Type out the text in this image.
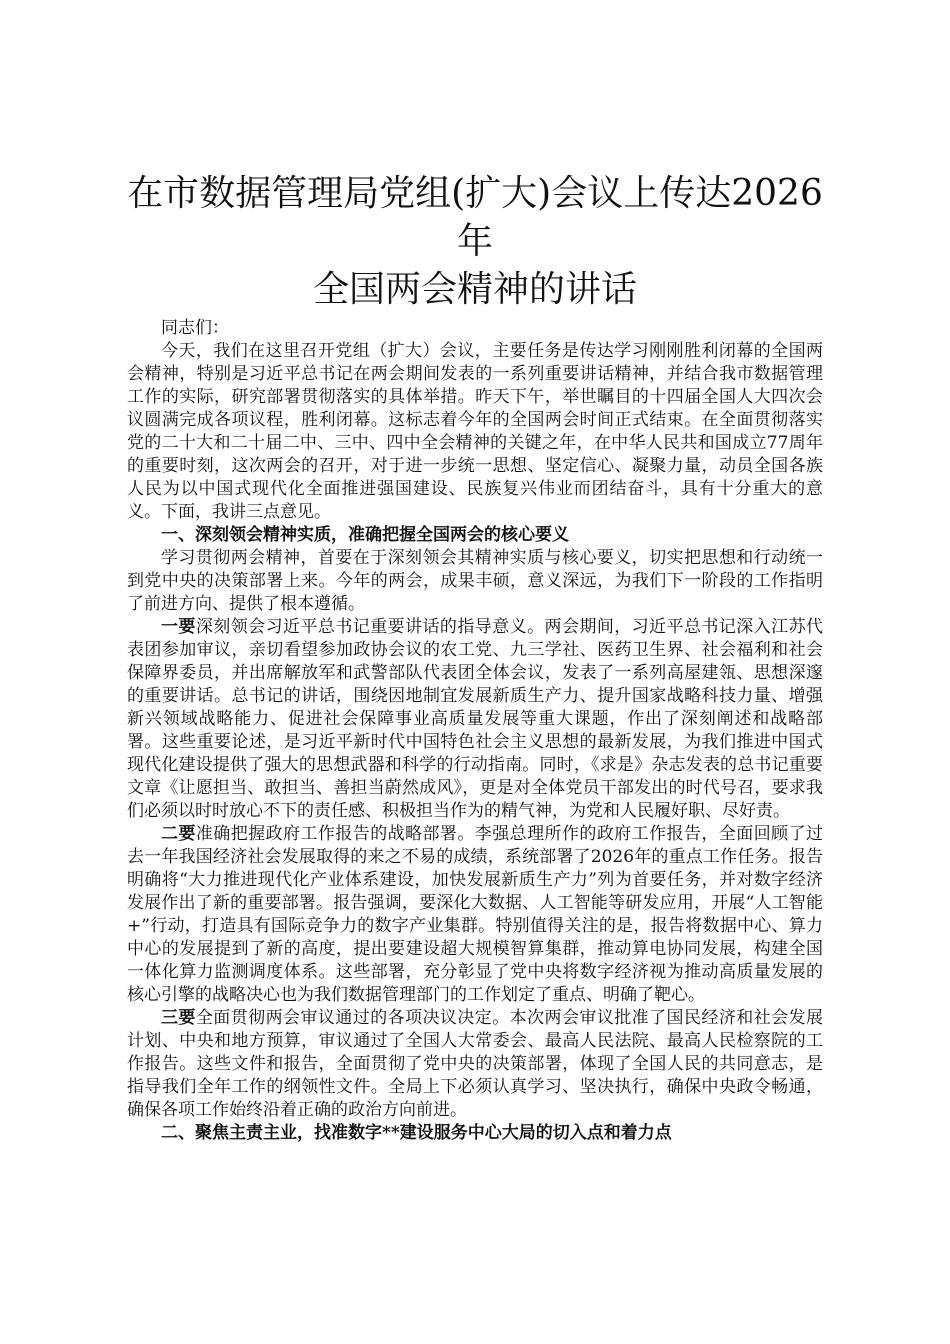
在市数据管理局党组(扩大)会议上传达2026年
全国两会精神的讲话

同志们：

今天，我们在这里召开党组（扩大）会议，主要任务是传达学习刚刚胜利闭幕的全国两会精神，特别是习近平总书记在两会期间发表的一系列重要讲话精神，并结合我市数据管理工作的实际，研究部署贯彻落实的具体举措。昨天下午，举世瞩目的十四届全国人大四次会议圆满完成各项议程，胜利闭幕。这标志着今年的全国两会时间正式结束。在全面贯彻落实党的二十大和二十届二中、三中、四中全会精神的关键之年，在中华人民共和国成立77周年的重要时刻，这次两会的召开，对于进一步统一思想、坚定信心、凝聚力量，动员全国各族人民为以中国式现代化全面推进强国建设、民族复兴伟业而团结奋斗，具有十分重大的意义。下面，我讲三点意见。

一、深刻领会精神实质，准确把握全国两会的核心要义

学习贯彻两会精神，首要在于深刻领会其精神实质与核心要义，切实把思想和行动统一到党中央的决策部署上来。今年的两会，成果丰硕，意义深远，为我们下一阶段的工作指明了前进方向、提供了根本遵循。

一要深刻领会习近平总书记重要讲话的指导意义。两会期间，习近平总书记深入江苏代表团参加审议，亲切看望参加政协会议的农工党、九三学社、医药卫生界、社会福利和社会保障界委员，并出席解放军和武警部队代表团全体会议，发表了一系列高屋建瓴、思想深邃的重要讲话。总书记的讲话，围绕因地制宜发展新质生产力、提升国家战略科技力量、增强新兴领域战略能力、促进社会保障事业高质量发展等重大课题，作出了深刻阐述和战略部署。这些重要论述，是习近平新时代中国特色社会主义思想的最新发展，为我们推进中国式现代化建设提供了强大的思想武器和科学的行动指南。同时，《求是》杂志发表的总书记重要文章《让愿担当、敢担当、善担当蔚然成风》，更是对全体党员干部发出的时代号召，要求我们必须以时时放心不下的责任感、积极担当作为的精气神，为党和人民履好职、尽好责。

二要准确把握政府工作报告的战略部署。李强总理所作的政府工作报告，全面回顾了过去一年我国经济社会发展取得的来之不易的成绩，系统部署了2026年的重点工作任务。报告明确将“大力推进现代化产业体系建设，加快发展新质生产力”列为首要任务，并对数字经济发展作出了新的重要部署。报告强调，要深化大数据、人工智能等研发应用，开展“人工智能+”行动，打造具有国际竞争力的数字产业集群。特别值得关注的是，报告将数据中心、算力中心的发展提到了新的高度，提出要建设超大规模智算集群，推动算电协同发展，构建全国一体化算力监测调度体系。这些部署，充分彰显了党中央将数字经济视为推动高质量发展的核心引擎的战略决心也为我们数据管理部门的工作划定了重点、明确了靶心。

三要全面贯彻两会审议通过的各项决议决定。本次两会审议批准了国民经济和社会发展计划、中央和地方预算，审议通过了全国人大常委会、最高人民法院、最高人民检察院的工作报告。这些文件和报告，全面贯彻了党中央的决策部署，体现了全国人民的共同意志，是指导我们全年工作的纲领性文件。全局上下必须认真学习、坚决执行，确保中央政令畅通，确保各项工作始终沿着正确的政治方向前进。

二、聚焦主责主业，找准数字**建设服务中心大局的切入点和着力点
